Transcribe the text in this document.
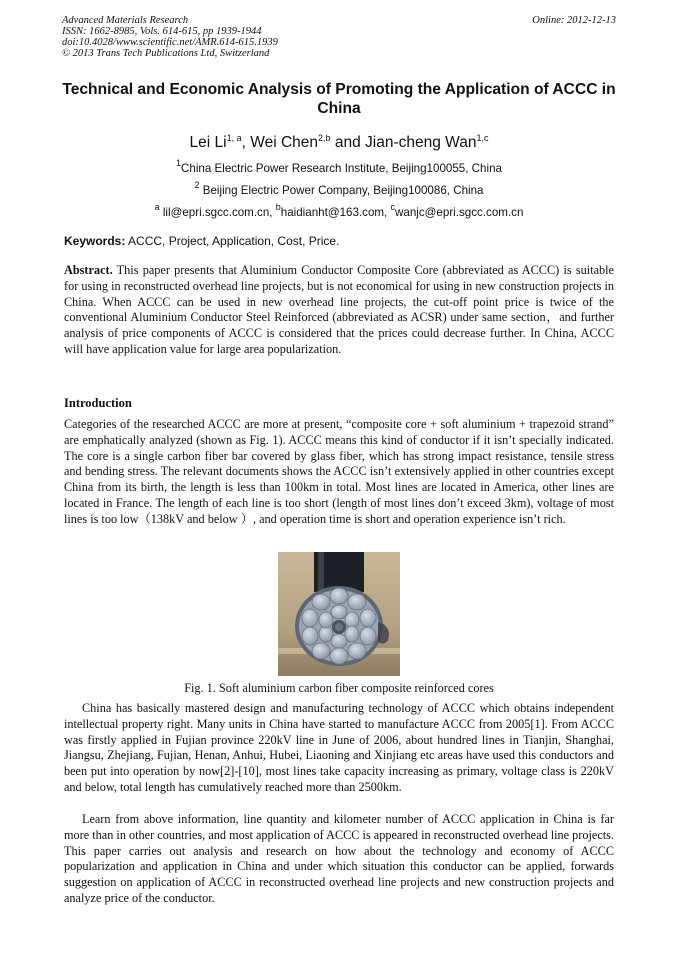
Advanced Materials Research
ISSN: 1662-8985, Vols. 614-615, pp 1939-1944
doi:10.4028/www.scientific.net/AMR.614-615.1939
© 2013 Trans Tech Publications Ltd, Switzerland
Online: 2012-12-13
Technical and Economic Analysis of Promoting the Application of ACCC in China
Lei Li$^{1, a}$, Wei Chen$^{2,b}$ and Jian-cheng Wan$^{1,c}$
$^1$China Electric Power Research Institute, Beijing100055, China
$^2$ Beijing Electric Power Company, Beijing100086, China
$^a$ lil@epri.sgcc.com.cn, $^b$haidianht@163.com, $^c$wanjc@epri.sgcc.com.cn
Keywords: ACCC, Project, Application, Cost, Price.

Abstract. This paper presents that Aluminium Conductor Composite Core (abbreviated as ACCC) is suitable for using in reconstructed overhead line projects, but is not economical for using in new construction projects in China. When ACCC can be used in new overhead line projects, the cut-off point price is twice of the conventional Aluminium Conductor Steel Reinforced (abbreviated as ACSR) under same section，and further analysis of price components of ACCC is considered that the prices could decrease further. In China, ACCC will have application value for large area popularization.

Introduction

Categories of the researched ACCC are more at present, “composite core + soft aluminium + trapezoid strand” are emphatically analyzed (shown as Fig. 1). ACCC means this kind of conductor if it isn’t specially indicated. The core is a single carbon fiber bar covered by glass fiber, which has strong impact resistance, tensile stress and bending stress. The relevant documents shows the ACCC isn’t extensively applied in other countries except China from its birth, the length is less than 100km in total. Most lines are located in America, other lines are located in France. The length of each line is too short (length of most lines don’t exceed 3km), voltage of most lines is too low（138kV and below ）, and operation time is short and operation experience isn’t rich.

Fig. 1. Soft aluminium carbon fiber composite reinforced cores

China has basically mastered design and manufacturing technology of ACCC which obtains independent intellectual property right. Many units in China have started to manufacture ACCC from 2005[1]. From ACCC was firstly applied in Fujian province 220kV line in June of 2006, about hundred lines in Tianjin, Shanghai, Jiangsu, Zhejiang, Fujian, Henan, Anhui, Hubei, Liaoning and Xinjiang etc areas have used this conductors and been put into operation by now[2]-[10], most lines take capacity increasing as primary, voltage class is 220kV and below, total length has cumulatively reached more than 2500km.

Learn from above information, line quantity and kilometer number of ACCC application in China is far more than in other countries, and most application of ACCC is appeared in reconstructed overhead line projects. This paper carries out analysis and research on how about the technology and economy of ACCC popularization and application in China and under which situation this conductor can be applied, forwards suggestion on application of ACCC in reconstructed overhead line projects and new construction projects and analyze price of the conductor.
